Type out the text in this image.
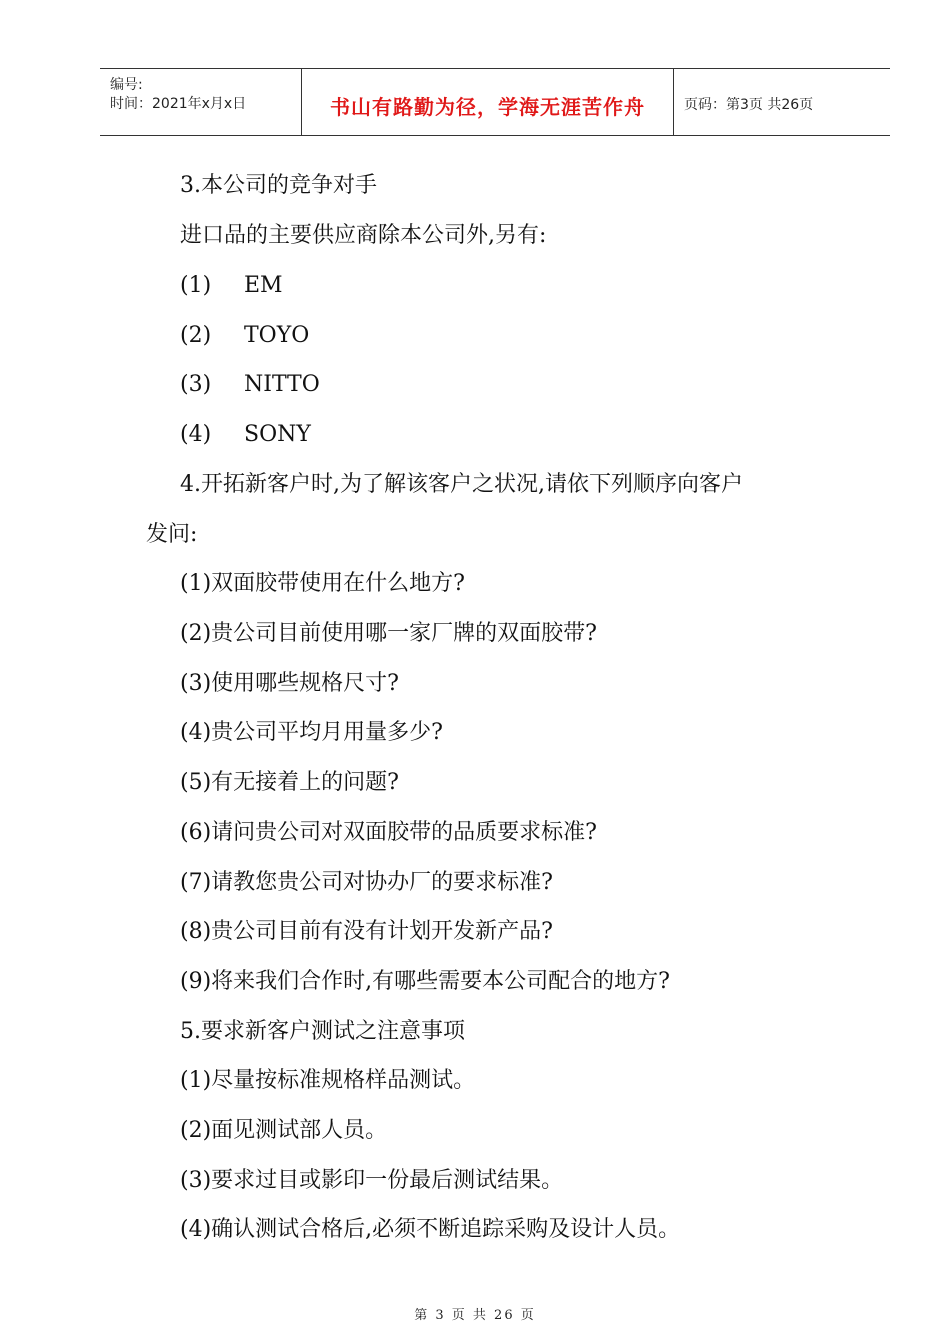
编号:
时间：2021年x月x日	书山有路勤为径，学海无涯苦作舟	页码：第3页 共26页
3.本公司的竞争对手
进口品的主要供应商除本公司外,另有:
(1) EM
(2) TOYO
(3) NITTO
(4) SONY
4.开拓新客户时,为了解该客户之状况,请依下列顺序向客户
发问:
(1)双面胶带使用在什么地方?
(2)贵公司目前使用哪一家厂牌的双面胶带?
(3)使用哪些规格尺寸?
(4)贵公司平均月用量多少?
(5)有无接着上的问题?
(6)请问贵公司对双面胶带的品质要求标准?
(7)请教您贵公司对协办厂的要求标准?
(8)贵公司目前有没有计划开发新产品?
(9)将来我们合作时,有哪些需要本公司配合的地方?
5.要求新客户测试之注意事项
(1)尽量按标准规格样品测试。
(2)面见测试部人员。
(3)要求过目或影印一份最后测试结果。
(4)确认测试合格后,必须不断追踪采购及设计人员。
第 3 页 共 26 页
